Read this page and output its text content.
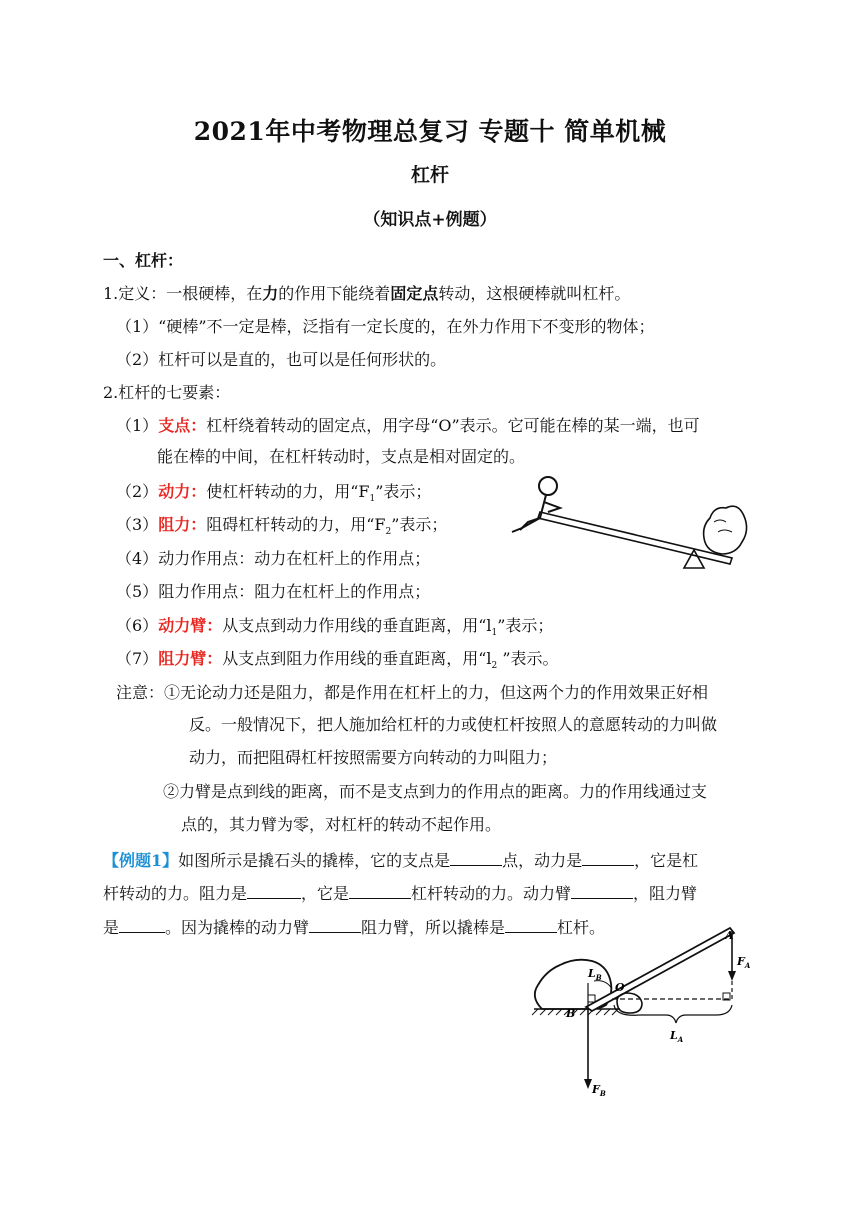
2021年中考物理总复习 专题十 简单机械
杠杆
（知识点+例题）
一、杠杆：
1.定义：一根硬棒，在力的作用下能绕着固定点转动，这根硬棒就叫杠杆。
（1）“硬棒”不一定是棒，泛指有一定长度的，在外力作用下不变形的物体；
（2）杠杆可以是直的，也可以是任何形状的。
2.杠杆的七要素：
（1）支点：杠杆绕着转动的固定点，用字母“O”表示。它可能在棒的某一端，也可
能在棒的中间，在杠杆转动时，支点是相对固定的。
（2）动力：使杠杆转动的力，用“$F_1$”表示；
（3）阻力：阻碍杠杆转动的力，用“$F_2$”表示；
（4）动力作用点：动力在杠杆上的作用点；
（5）阻力作用点：阻力在杠杆上的作用点；
（6）动力臂：从支点到动力作用线的垂直距离，用“$l_1$”表示；
（7）阻力臂：从支点到阻力作用线的垂直距离，用“$l_2$ ”表示。
注意：①无论动力还是阻力，都是作用在杠杆上的力，但这两个力的作用效果正好相
反。一般情况下，把人施加给杠杆的力或使杠杆按照人的意愿转动的力叫做
动力，而把阻碍杠杆按照需要方向转动的力叫阻力；
②力臂是点到线的距离，而不是支点到力的作用点的距离。力的作用线通过支
点的，其力臂为零，对杠杆的转动不起作用。
【例题1】如图所示是撬石头的撬棒，它的支点是	点，动力是	，它是杠
杆转动的力。阻力是	，它是	杠杆转动的力。动力臂	，阻力臂
是	。因为撬棒的动力臂	阻力臂，所以撬棒是	杠杆。	A
$F_A$
$L_B$
O
B
$L_A$
$F_B$
